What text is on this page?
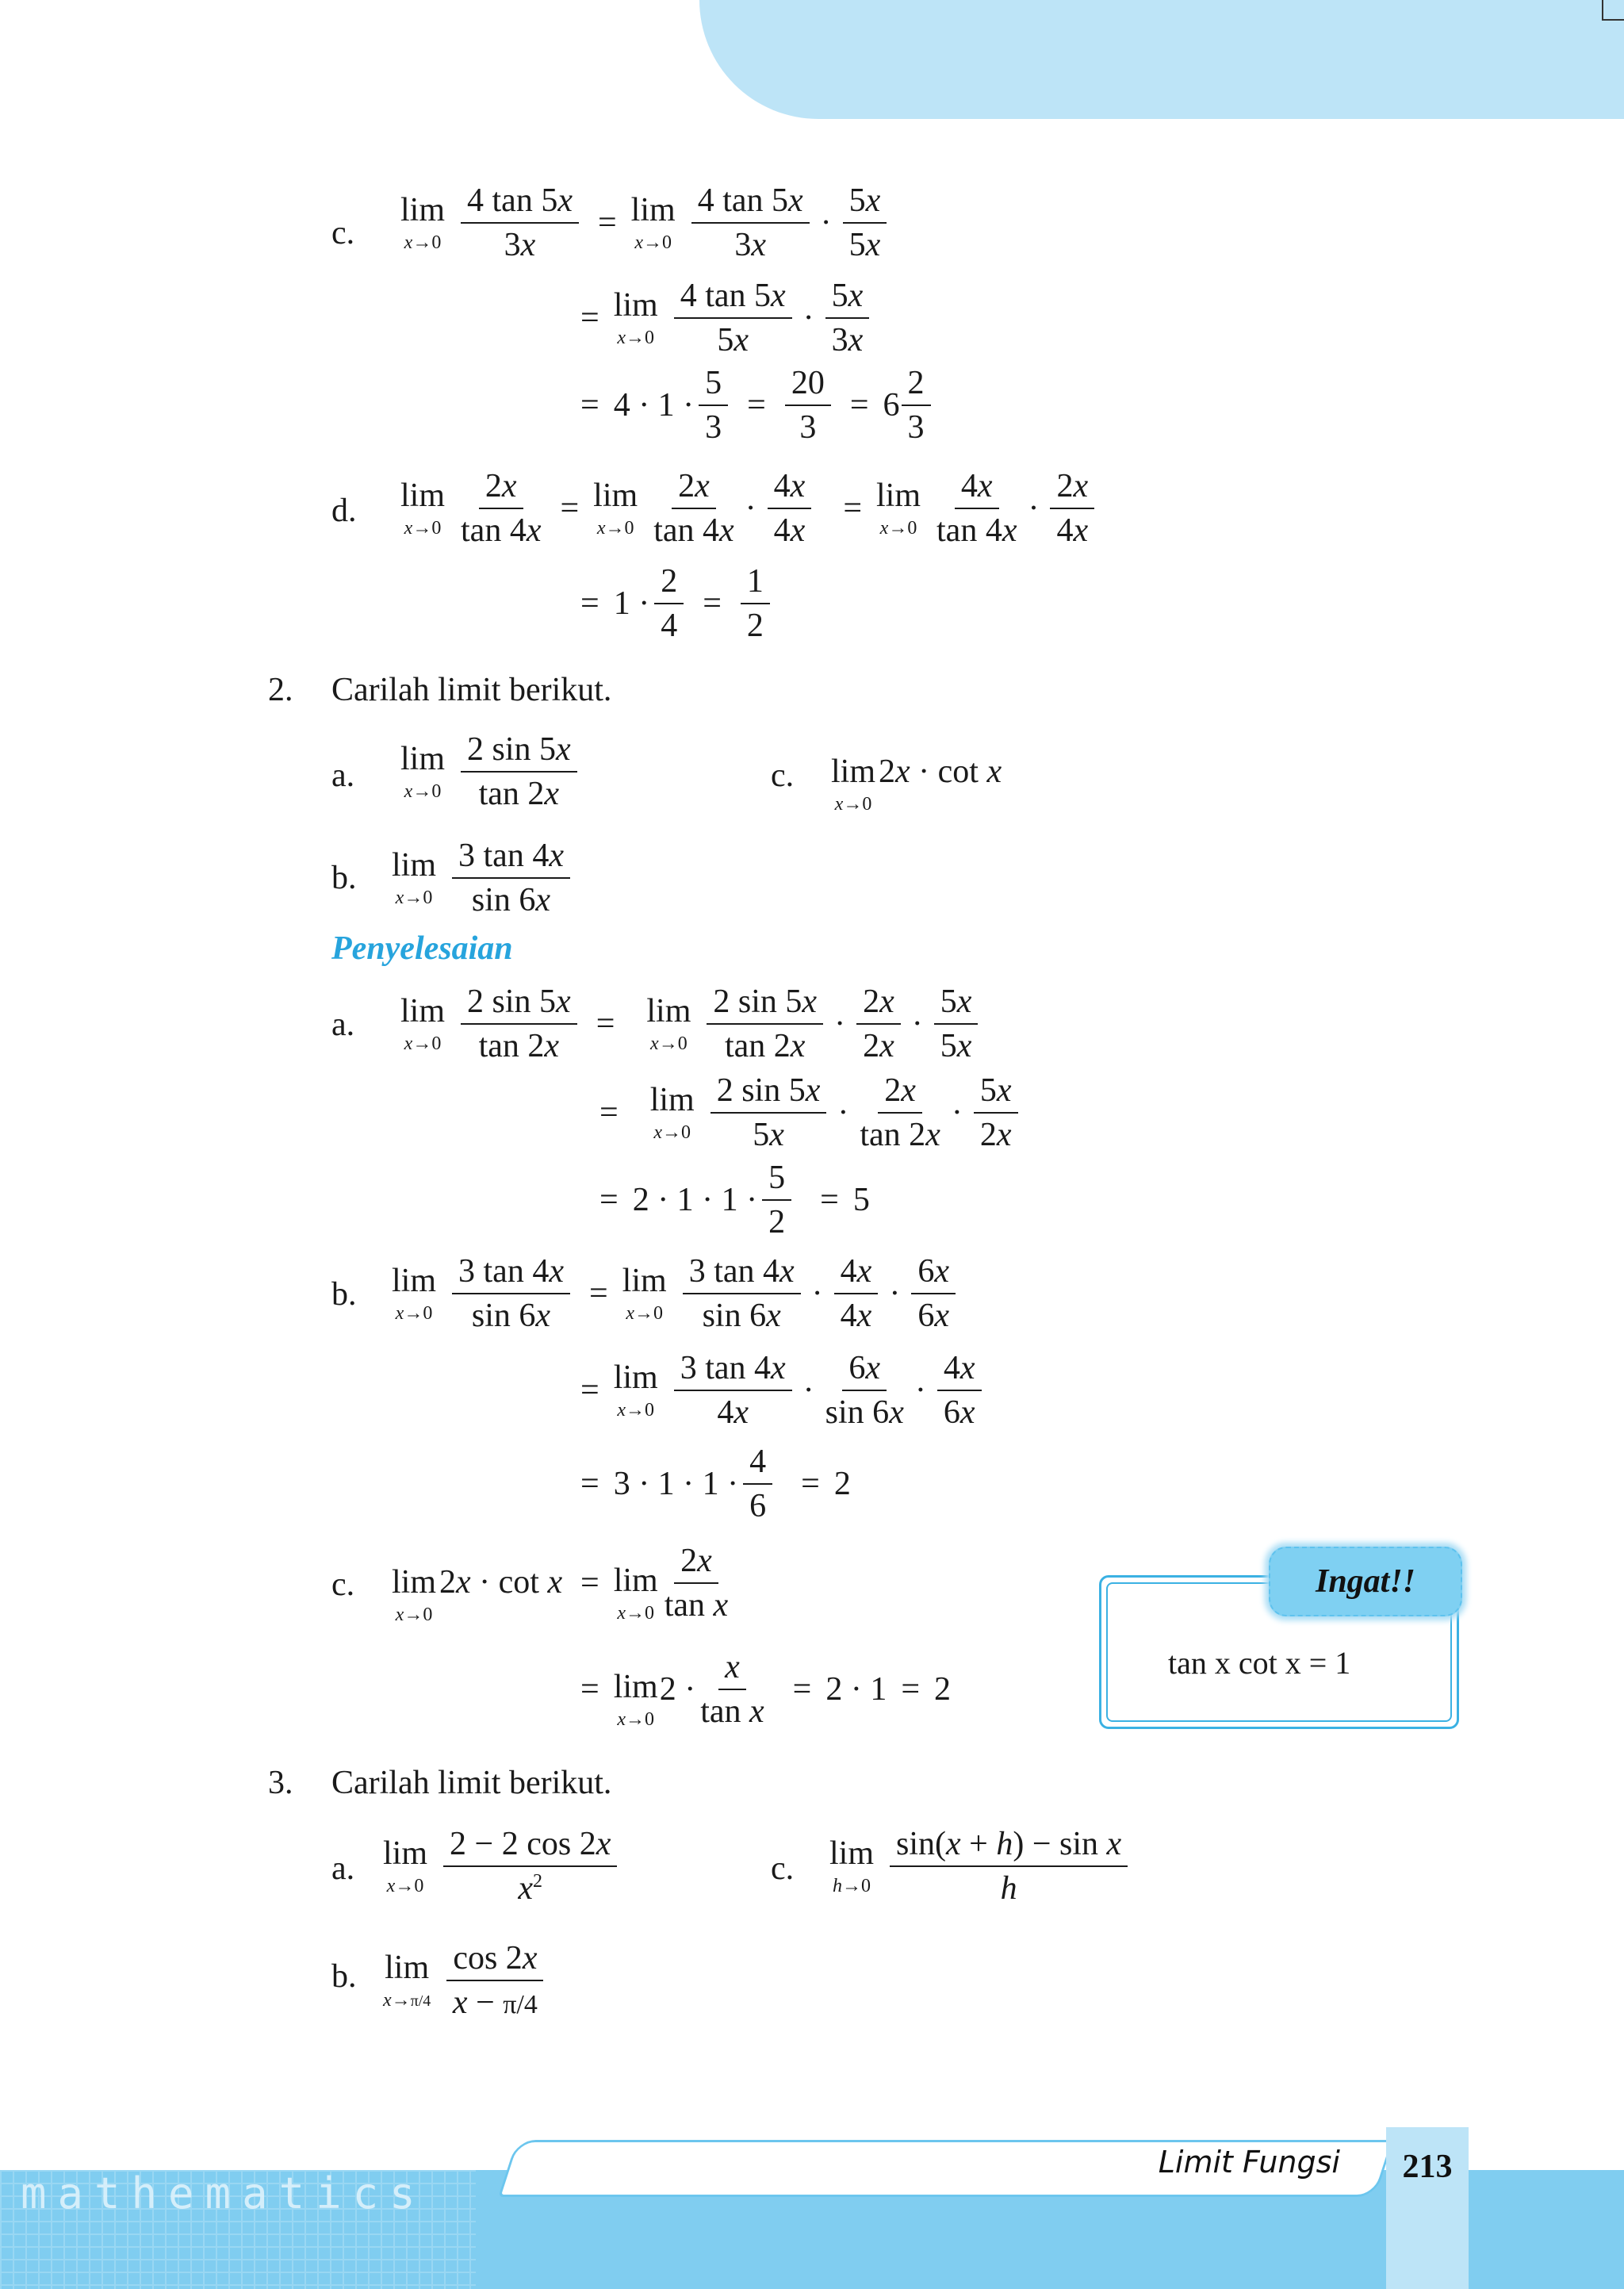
c.
lim
$x\to 0 \frac{4 \tan 5x}{3x} = \lim$
x→0
4 tan 5x
3x
·
5x
5x
= lim
x→0
4 tan 5x
5x
·
5x
3x
= $4 \cdot 1 \cdot \frac{5}{3} = \frac{20}{3} = 6$
2
3
d. lim
$x\to 0 \frac{2x}{\tan 4x} = \lim$
x→0
2x
tan 4x
· $\frac{4x}{4x} = \lim$
x→0
4x
tan 4x
·
2x
4x
= $1 \cdot \frac{2}{4} = \frac{1}{2}$
2. Carilah limit berikut.
a. lim
x→0
2 sin 5x
tan 2x	c. lim
x→0
2x · cot x
b. lim
x→0
3 tan 4x
sin 6x
Penyelesaian
a. lim
$x\to 0 \frac{2 \sin 5x}{\tan 2x} = \lim$
x→0
2 sin 5x
tan 2x
·
2x
2x
·
5x
5x
= lim
x→0
2 sin 5x
5x
·
2x
tan 2x
·
5x
2x
= $2 \cdot 1 \cdot 1 \cdot \frac{5}{2} = 5$
b. lim
$x\to 0 \frac{3 \tan 4x}{\sin 6x} = \lim$
x→0
3 tan 4x
sin 6x
·
4x
4x
·
6x
6x
= lim
x→0
3 tan 4x
4x
·
6x
sin 6x
·
4x
6x
= $3 \cdot 1 \cdot 1 \cdot \frac{4}{6} = 2$
c. lim
x→0
2x · cot x = lim
x→0
2x
tan x
= lim
x→0
$2 \cdot \frac{x}{\text{tan x}} = 2 \cdot 1 = 2$
tan x cot x = 1
Ingat!!
3. Carilah limit berikut.
a. lim
x→0
2 − 2 cos 2x
$x^2$	c. lim
h→0
sin(x + h) − sin x
h
b. lim
x→π/4
cos 2x
x − π/4
mathematics
Limit Fungsi	213
